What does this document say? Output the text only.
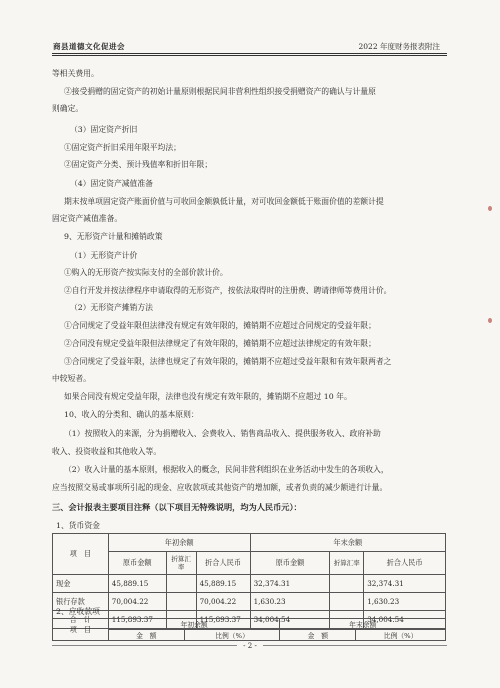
商县道德文化促进会	2022 年度财务报表附注
等相关费用。
②接受捐赠的固定资产的初始计量原则根据民间非营利性组织接受捐赠资产的确认与计量原
则确定。
（3）固定资产折旧
①固定资产折旧采用年限平均法；
②固定资产分类、预计残值率和折旧年限；
（4）固定资产减值准备
期末按单项固定资产账面价值与可收回金额孰低计量，对可收回金额低于账面价值的差额计提
固定资产减值准备。
9、无形资产计量和摊销政策
（1）无形资产计价
①购入的无形资产按实际支付的全部价款计价。
②自行开发并按法律程序申请取得的无形资产，按依法取得时的注册费、聘请律师等费用计价。
（2）无形资产摊销方法
①合同规定了受益年限但法律没有规定有效年限的，摊销期不应超过合同规定的受益年限；
②合同没有规定受益年限但法律规定了有效年限的，摊销期不应超过法律规定的有效年限；
③合同规定了受益年限，法律也规定了有效年限的，摊销期不应超过受益年限和有效年限两者之
中较短者。
如果合同没有规定受益年限，法律也没有规定有效年限的，摊销期不应超过 10 年。
10、收入的分类和、确认的基本原则：
（1）按照收入的来源，分为捐赠收入、会费收入、销售商品收入、提供服务收入、政府补助
收入、投资收益和其他收入等。
（2）收入计量的基本原则，根据收入的概念，民间非营利组织在业务活动中发生的各项收入，
应当按照交易或事项所引起的现金、应收款项或其他资产的增加额，或者负责的减少额进行计量。
三、会计报表主要项目注释（以下项目无特殊说明，均为人民币元）：
1、货币资金
项　目	年初余额			年末余额		
	原币金额	折算汇率	折合人民币	原币金额	折算汇率	折合人民币
现金	45,889.15		45,889.15	32,374.31		32,374.31
银行存款	70,004.22		70,004.22	1,630.23		1,630.23
合　计	115,893.37		115,893.37	34,004.54		34,004.54
2、应收款项
项　目	年初余额		年末余额	
	金　额	比例（%）	金　额	比例（%）
- 2 -
